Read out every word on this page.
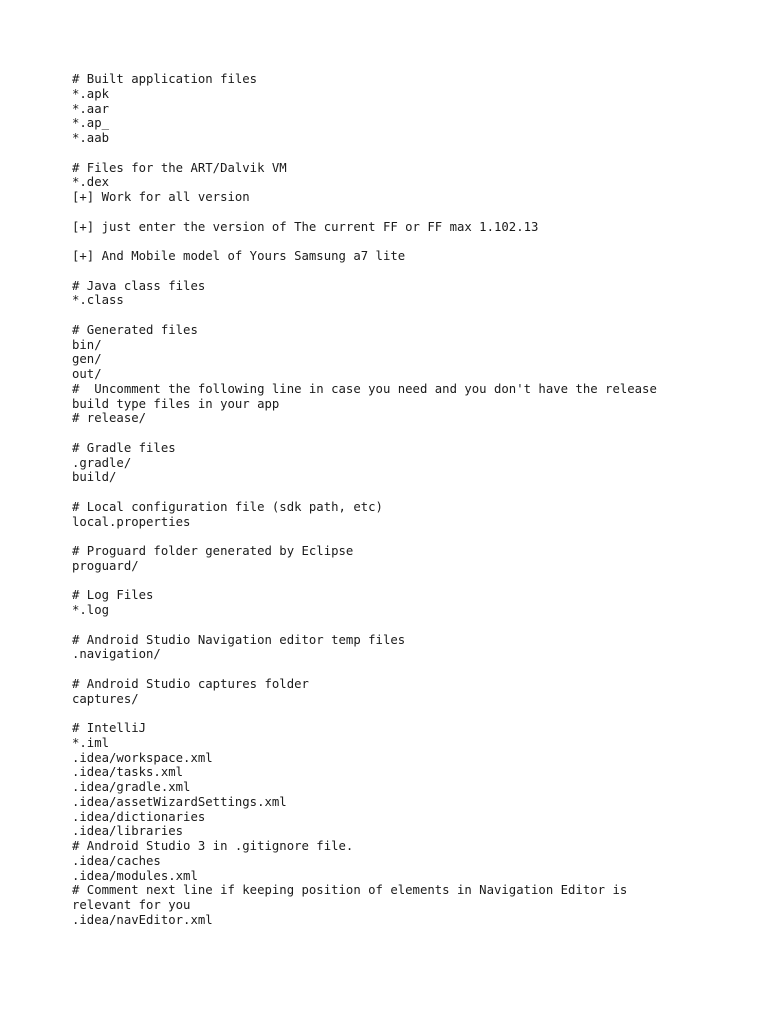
# Built application files
*.apk
*.aar
*.ap_
*.aab
# Files for the ART/Dalvik VM
*.dex
[+] Work for all version
[+] just enter the version of The current FF or FF max 1.102.13
[+] And Mobile model of Yours Samsung a7 lite
# Java class files
*.class
# Generated files
bin/
gen/
out/
#  Uncomment the following line in case you need and you don't have the release
build type files in your app
# release/
# Gradle files
.gradle/
build/
# Local configuration file (sdk path, etc)
local.properties
# Proguard folder generated by Eclipse
proguard/
# Log Files
*.log
# Android Studio Navigation editor temp files
.navigation/
# Android Studio captures folder
captures/
# IntelliJ
*.iml
.idea/workspace.xml
.idea/tasks.xml
.idea/gradle.xml
.idea/assetWizardSettings.xml
.idea/dictionaries
.idea/libraries
# Android Studio 3 in .gitignore file.
.idea/caches
.idea/modules.xml
# Comment next line if keeping position of elements in Navigation Editor is
relevant for you
.idea/navEditor.xml
